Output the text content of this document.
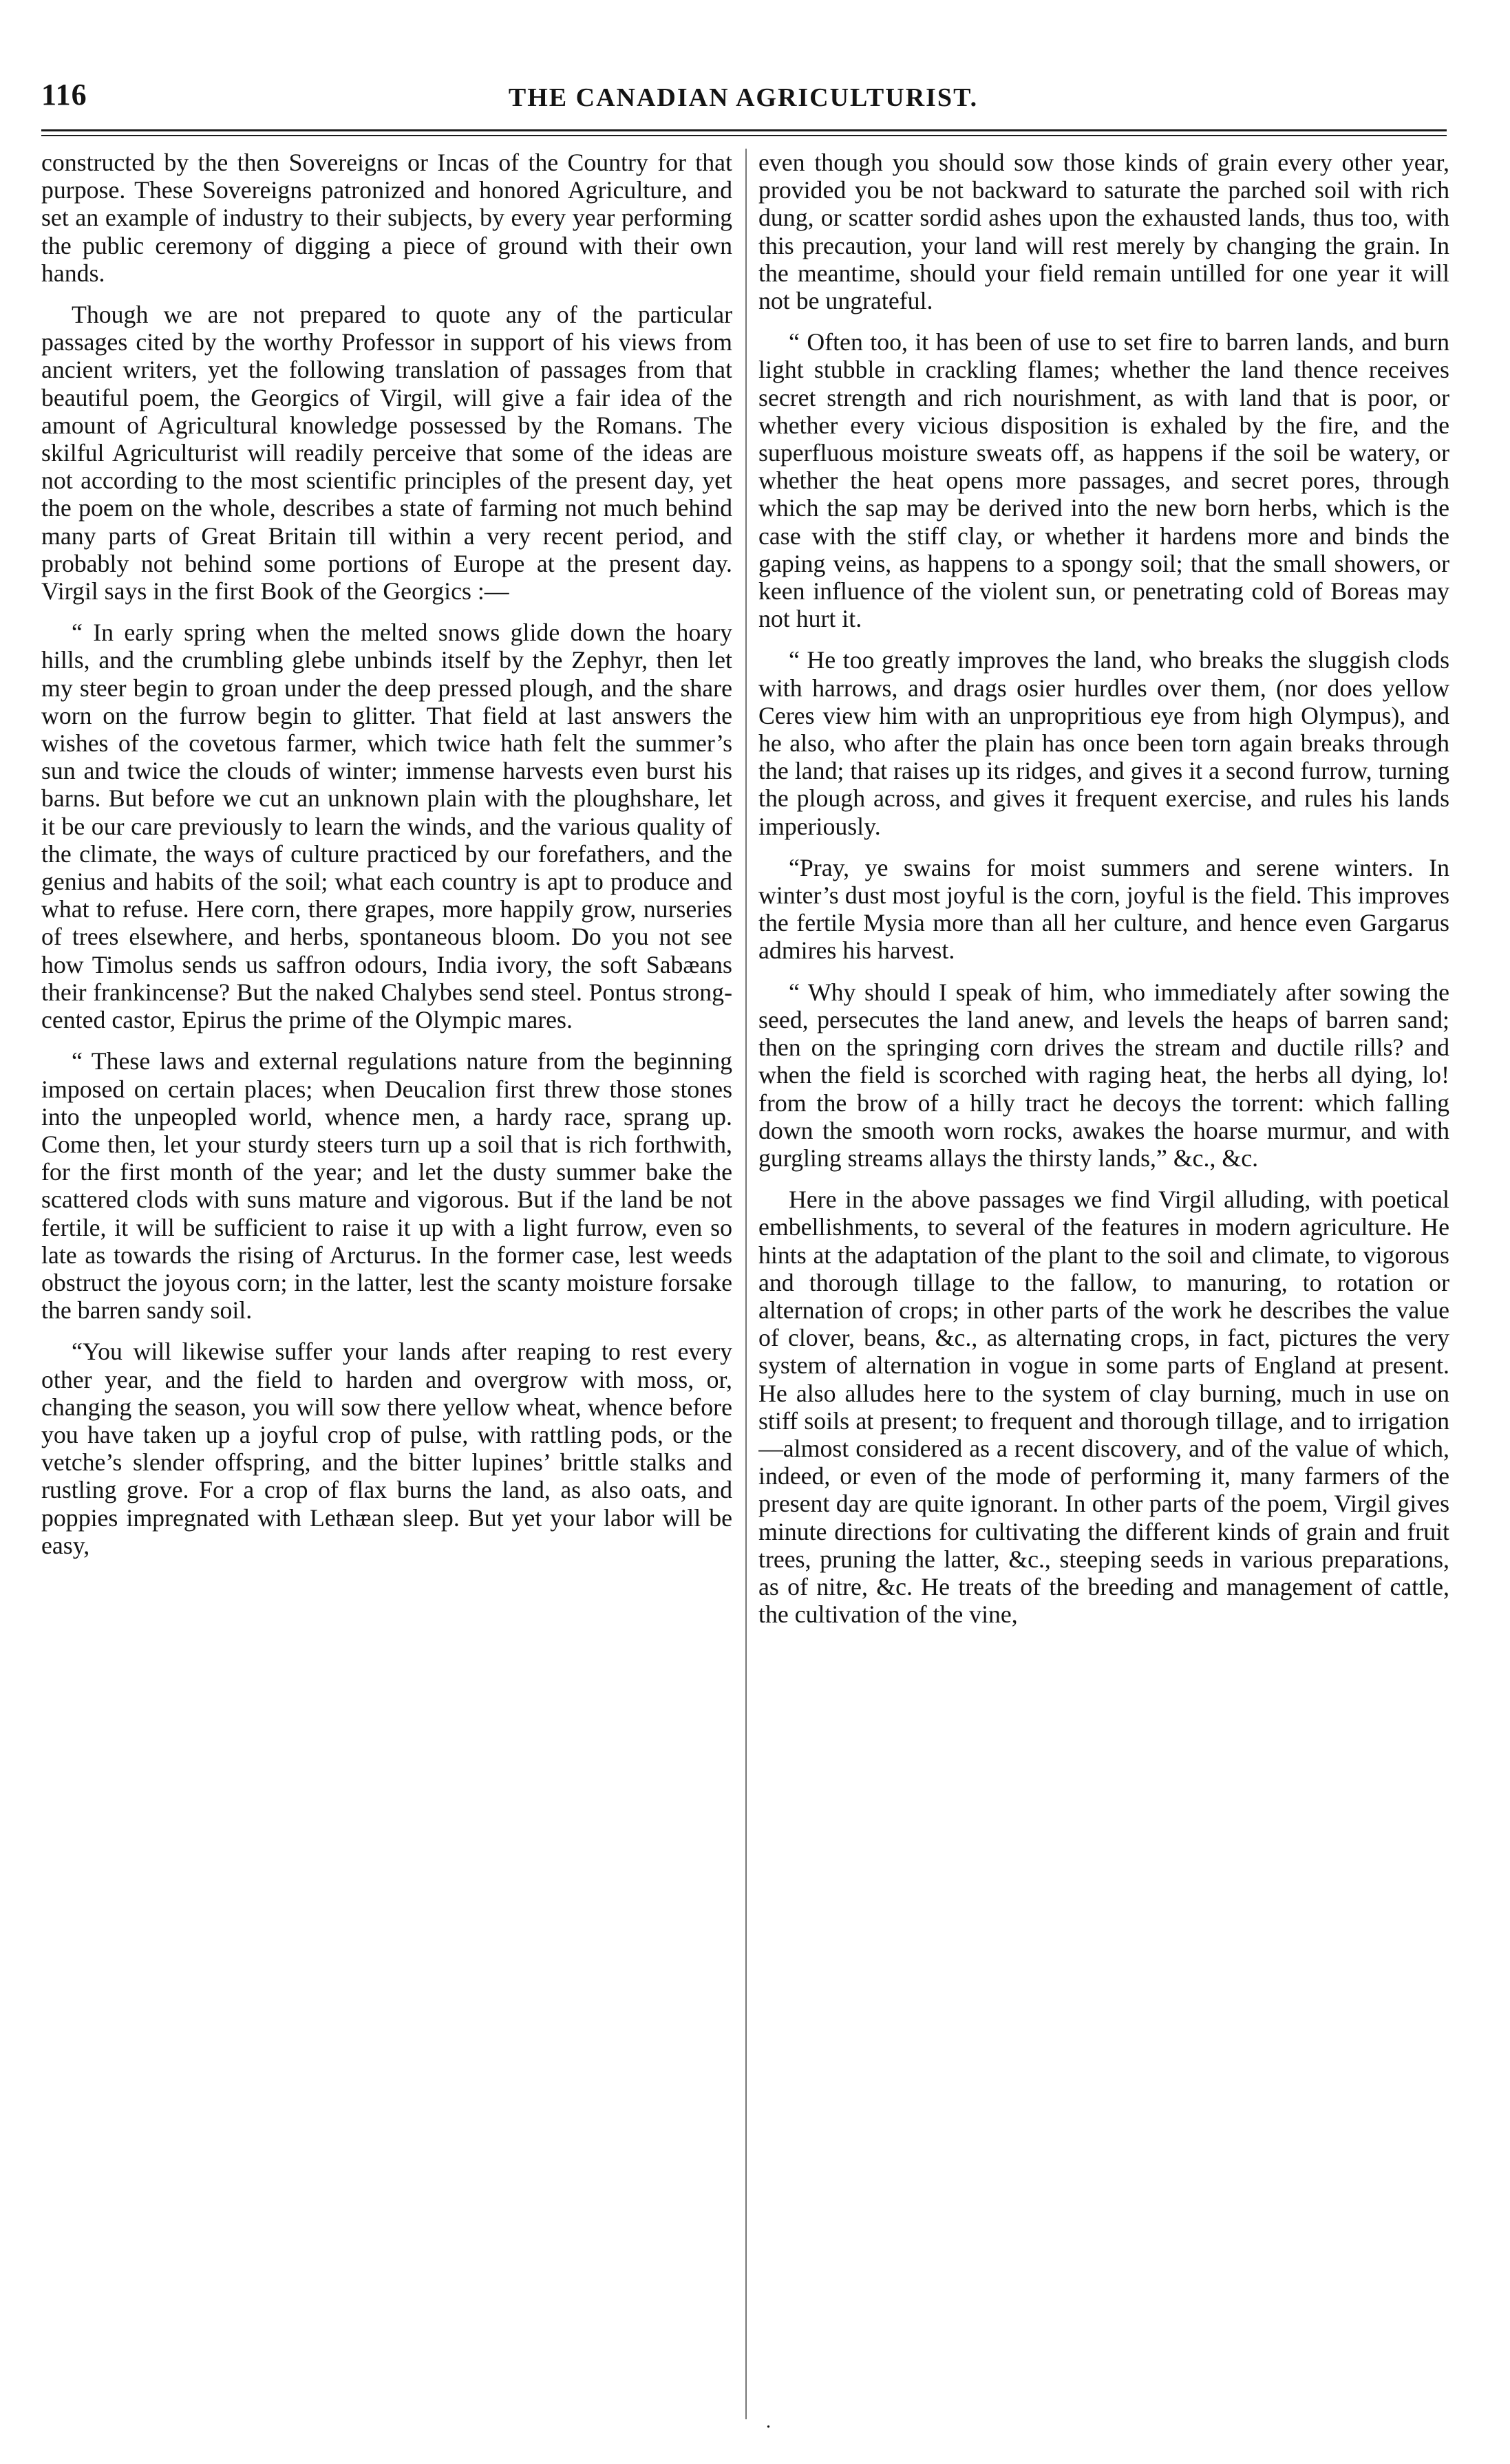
116	THE CANADIAN AGRICULTURIST.

constructed by the then Sovereigns or Incas of the Country for that purpose. These Sovereigns patronized and honored Agriculture, and set an example of industry to their subjects, by every year performing the public ceremony of digging a piece of ground with their own hands.

Though we are not prepared to quote any of the particular passages cited by the worthy Professor in support of his views from ancient writers, yet the following translation of passages from that beautiful poem, the Georgics of Virgil, will give a fair idea of the amount of Agricultural knowledge possessed by the Romans. The skilful Agriculturist will readily perceive that some of the ideas are not according to the most scientific principles of the present day, yet the poem on the whole, describes a state of farming not much behind many parts of Great Britain till within a very recent period, and probably not behind some portions of Europe at the present day. Virgil says in the first Book of the Georgics :—

“ In early spring when the melted snows glide down the hoary hills, and the crumbling glebe unbinds itself by the Zephyr, then let my steer begin to groan under the deep pressed plough, and the share worn on the furrow begin to glitter. That field at last answers the wishes of the covetous farmer, which twice hath felt the summer’s sun and twice the clouds of winter; immense harvests even burst his barns. But before we cut an unknown plain with the ploughshare, let it be our care previously to learn the winds, and the various quality of the climate, the ways of culture practiced by our forefathers, and the genius and habits of the soil; what each country is apt to produce and what to refuse. Here corn, there grapes, more happily grow, nurseries of trees elsewhere, and herbs, spontaneous bloom. Do you not see how Timolus sends us saffron odours, India ivory, the soft Sabæans their frankincense? But the naked Chalybes send steel. Pontus strong-cented castor, Epirus the prime of the Olympic mares.

“ These laws and external regulations nature from the beginning imposed on certain places; when Deucalion first threw those stones into the unpeopled world, whence men, a hardy race, sprang up. Come then, let your sturdy steers turn up a soil that is rich forthwith, for the first month of the year; and let the dusty summer bake the scattered clods with suns mature and vigorous. But if the land be not fertile, it will be sufficient to raise it up with a light furrow, even so late as towards the rising of Arcturus. In the former case, lest weeds obstruct the joyous corn; in the latter, lest the scanty moisture forsake the barren sandy soil.

“You will likewise suffer your lands after reaping to rest every other year, and the field to harden and overgrow with moss, or, changing the season, you will sow there yellow wheat, whence before you have taken up a joyful crop of pulse, with rattling pods, or the vetche’s slender offspring, and the bitter lupines’ brittle stalks and rustling grove. For a crop of flax burns the land, as also oats, and poppies impregnated with Lethæan sleep. But yet your labor will be easy,

even though you should sow those kinds of grain every other year, provided you be not backward to saturate the parched soil with rich dung, or scatter sordid ashes upon the exhausted lands, thus too, with this precaution, your land will rest merely by changing the grain. In the meantime, should your field remain untilled for one year it will not be ungrateful.

“ Often too, it has been of use to set fire to barren lands, and burn light stubble in crackling flames; whether the land thence receives secret strength and rich nourishment, as with land that is poor, or whether every vicious disposition is exhaled by the fire, and the superfluous moisture sweats off, as happens if the soil be watery, or whether the heat opens more passages, and secret pores, through which the sap may be derived into the new born herbs, which is the case with the stiff clay, or whether it hardens more and binds the gaping veins, as happens to a spongy soil; that the small showers, or keen influence of the violent sun, or penetrating cold of Boreas may not hurt it.

“ He too greatly improves the land, who breaks the sluggish clods with harrows, and drags osier hurdles over them, (nor does yellow Ceres view him with an unpropritious eye from high Olympus), and he also, who after the plain has once been torn again breaks through the land; that raises up its ridges, and gives it a second furrow, turning the plough across, and gives it frequent exercise, and rules his lands imperiously.

“Pray, ye swains for moist summers and serene winters. In winter’s dust most joyful is the corn, joyful is the field. This improves the fertile Mysia more than all her culture, and hence even Gargarus admires his harvest.

“ Why should I speak of him, who immediately after sowing the seed, persecutes the land anew, and levels the heaps of barren sand; then on the springing corn drives the stream and ductile rills? and when the field is scorched with raging heat, the herbs all dying, lo! from the brow of a hilly tract he decoys the torrent: which falling down the smooth worn rocks, awakes the hoarse murmur, and with gurgling streams allays the thirsty lands,” &c., &c.

Here in the above passages we find Virgil alluding, with poetical embellishments, to several of the features in modern agriculture. He hints at the adaptation of the plant to the soil and climate, to vigorous and thorough tillage to the fallow, to manuring, to rotation or alternation of crops; in other parts of the work he describes the value of clover, beans, &c., as alternating crops, in fact, pictures the very system of alternation in vogue in some parts of England at present. He also alludes here to the system of clay burning, much in use on stiff soils at present; to frequent and thorough tillage, and to irrigation—almost considered as a recent discovery, and of the value of which, indeed, or even of the mode of performing it, many farmers of the present day are quite ignorant. In other parts of the poem, Virgil gives minute directions for cultivating the different kinds of grain and fruit trees, pruning the latter, &c., steeping seeds in various preparations, as of nitre, &c. He treats of the breeding and management of cattle, the cultivation of the vine,

.
